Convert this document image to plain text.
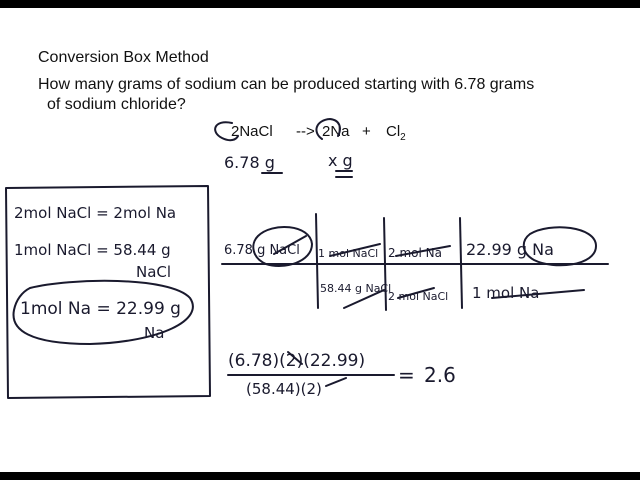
Conversion Box Method
How many grams of sodium can be produced starting with 6.78 grams
of sodium chloride?
2NaCl --> $2Na + Cl_2$
6.78 g	x g
2mol NaCl = 2mol Na
1mol NaCl = 58.44 g
NaCl
1mol Na = 22.99 g
Na
6.78 g NaCl 1 mol NaCl 2 mol Na 22.99 g Na
58.44 g NaCl
2 mol NaCl 1 mol Na
(6.78)(2)(22.99)
(58.44)(2)
= 2.6
